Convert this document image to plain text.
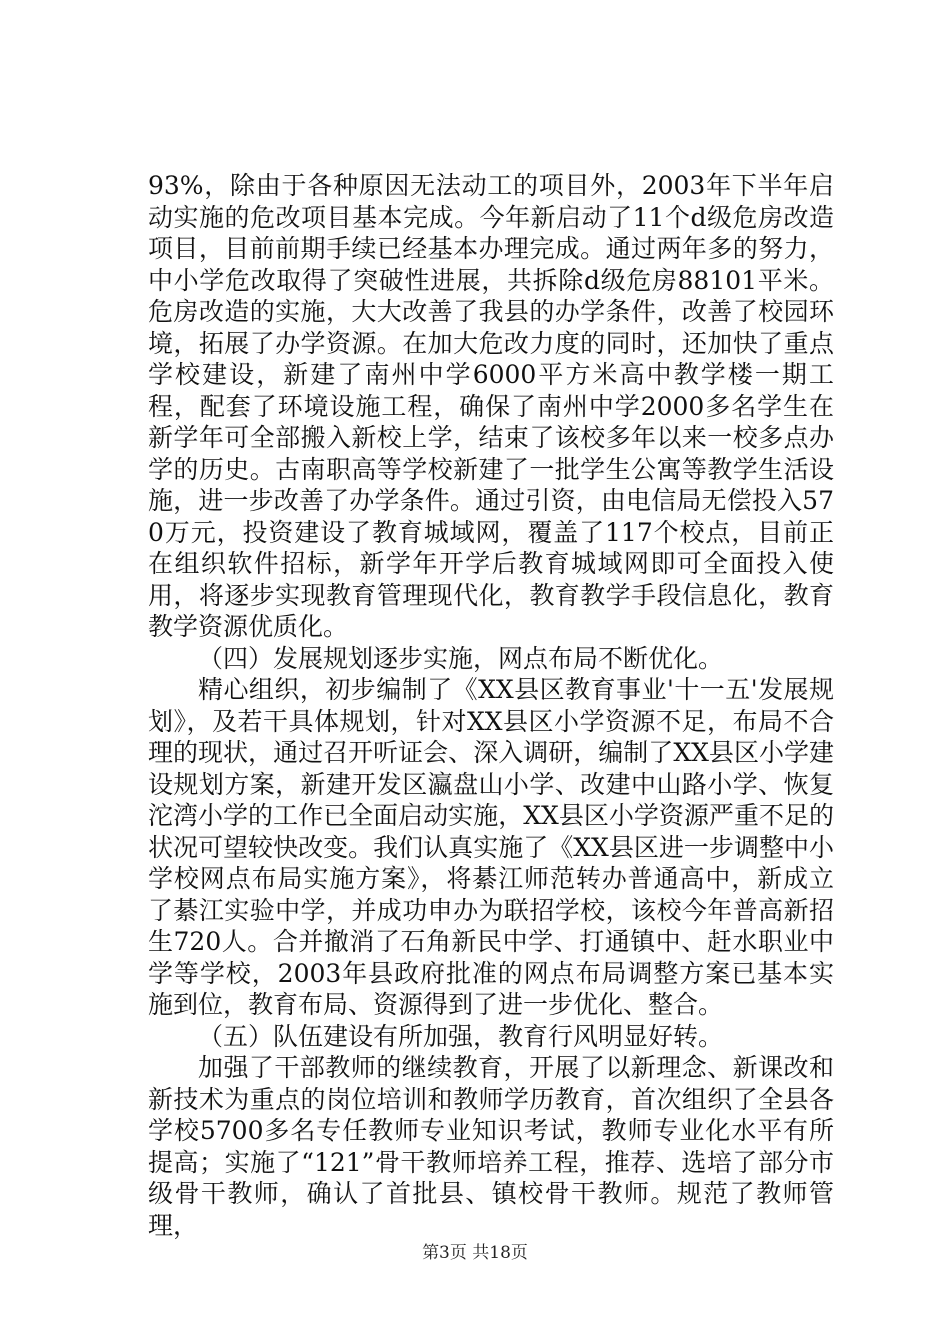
93%，除由于各种原因无法动工的项目外，2003年下半年启动实施的危改项目基本完成。今年新启动了11个d级危房改造项目，目前前期手续已经基本办理完成。通过两年多的努力，中小学危改取得了突破性进展，共拆除d级危房88101平米。危房改造的实施，大大改善了我县的办学条件，改善了校园环境，拓展了办学资源。在加大危改力度的同时，还加快了重点学校建设，新建了南州中学6000平方米高中教学楼一期工程，配套了环境设施工程，确保了南州中学2000多名学生在新学年可全部搬入新校上学，结束了该校多年以来一校多点办学的历史。古南职高等学校新建了一批学生公寓等教学生活设施，进一步改善了办学条件。通过引资，由电信局无偿投入570万元，投资建设了教育城域网，覆盖了117个校点，目前正在组织软件招标，新学年开学后教育城域网即可全面投入使用，将逐步实现教育管理现代化，教育教学手段信息化，教育教学资源优质化。

（四）发展规划逐步实施，网点布局不断优化。

精心组织，初步编制了《XX县区教育事业'十一五'发展规划》，及若干具体规划，针对XX县区小学资源不足，布局不合理的现状，通过召开听证会、深入调研，编制了XX县区小学建设规划方案，新建开发区瀛盘山小学、改建中山路小学、恢复沱湾小学的工作已全面启动实施，XX县区小学资源严重不足的状况可望较快改变。我们认真实施了《XX县区进一步调整中小学校网点布局实施方案》，将綦江师范转办普通高中，新成立了綦江实验中学，并成功申办为联招学校，该校今年普高新招生720人。合并撤消了石角新民中学、打通镇中、赶水职业中学等学校，2003年县政府批准的网点布局调整方案已基本实施到位，教育布局、资源得到了进一步优化、整合。

（五）队伍建设有所加强，教育行风明显好转。

加强了干部教师的继续教育，开展了以新理念、新课改和新技术为重点的岗位培训和教师学历教育，首次组织了全县各学校5700多名专任教师专业知识考试，教师专业化水平有所提高；实施了“121”骨干教师培养工程，推荐、选培了部分市级骨干教师，确认了首批县、镇校骨干教师。规范了教师管理，

第3页 共18页
